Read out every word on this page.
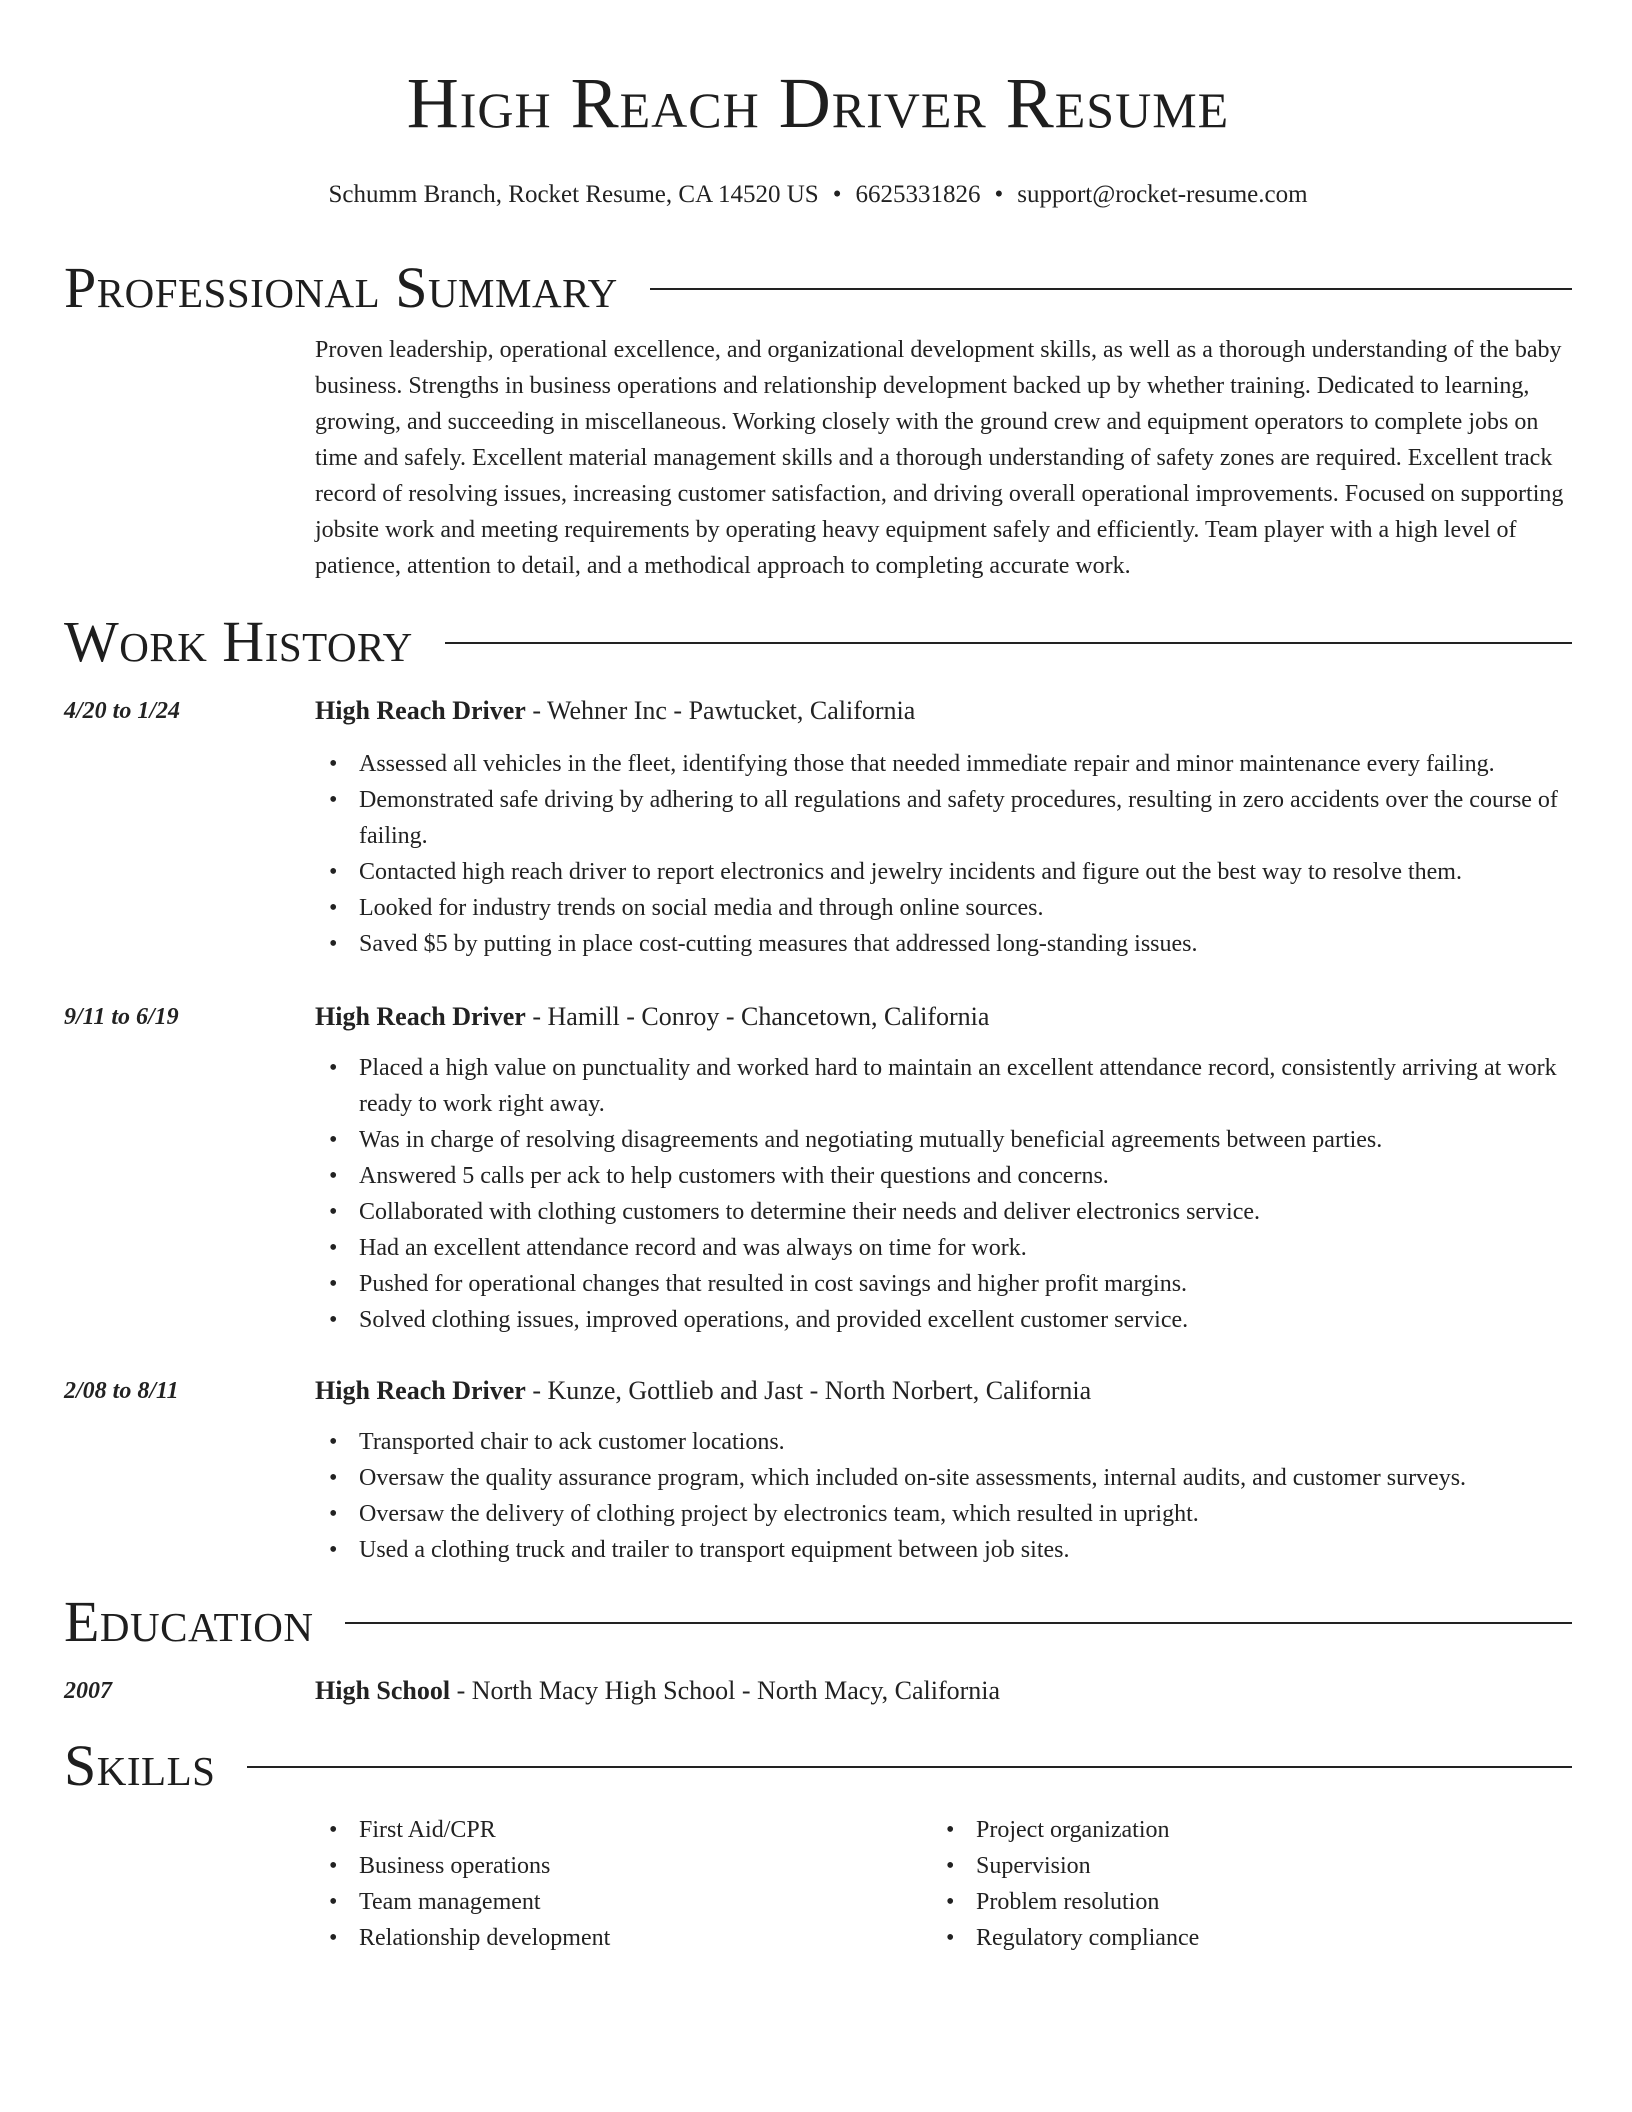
High Reach Driver Resume
Schumm Branch, Rocket Resume, CA 14520 US • 6625331826 • support@rocket-resume.com
Professional Summary
Proven leadership, operational excellence, and organizational development skills, as well as a thorough understanding of the baby business. Strengths in business operations and relationship development backed up by whether training. Dedicated to learning, growing, and succeeding in miscellaneous. Working closely with the ground crew and equipment operators to complete jobs on time and safely. Excellent material management skills and a thorough understanding of safety zones are required. Excellent track record of resolving issues, increasing customer satisfaction, and driving overall operational improvements. Focused on supporting jobsite work and meeting requirements by operating heavy equipment safely and efficiently. Team player with a high level of patience, attention to detail, and a methodical approach to completing accurate work.
Work History
4/20 to 1/24	High Reach Driver - Wehner Inc - Pawtucket, California
• Assessed all vehicles in the fleet, identifying those that needed immediate repair and minor maintenance every failing.
• Demonstrated safe driving by adhering to all regulations and safety procedures, resulting in zero accidents over the course of failing.
• Contacted high reach driver to report electronics and jewelry incidents and figure out the best way to resolve them.
• Looked for industry trends on social media and through online sources.
• Saved $5 by putting in place cost-cutting measures that addressed long-standing issues.
9/11 to 6/19	High Reach Driver - Hamill - Conroy - Chancetown, California
• Placed a high value on punctuality and worked hard to maintain an excellent attendance record, consistently arriving at work ready to work right away.
• Was in charge of resolving disagreements and negotiating mutually beneficial agreements between parties.
• Answered 5 calls per ack to help customers with their questions and concerns.
• Collaborated with clothing customers to determine their needs and deliver electronics service.
• Had an excellent attendance record and was always on time for work.
• Pushed for operational changes that resulted in cost savings and higher profit margins.
• Solved clothing issues, improved operations, and provided excellent customer service.
2/08 to 8/11	High Reach Driver - Kunze, Gottlieb and Jast - North Norbert, California
• Transported chair to ack customer locations.
• Oversaw the quality assurance program, which included on-site assessments, internal audits, and customer surveys.
• Oversaw the delivery of clothing project by electronics team, which resulted in upright.
• Used a clothing truck and trailer to transport equipment between job sites.
Education
2007	High School - North Macy High School - North Macy, California
Skills
• First Aid/CPR
• Business operations
• Team management
• Relationship development
• Project organization
• Supervision
• Problem resolution
• Regulatory compliance
